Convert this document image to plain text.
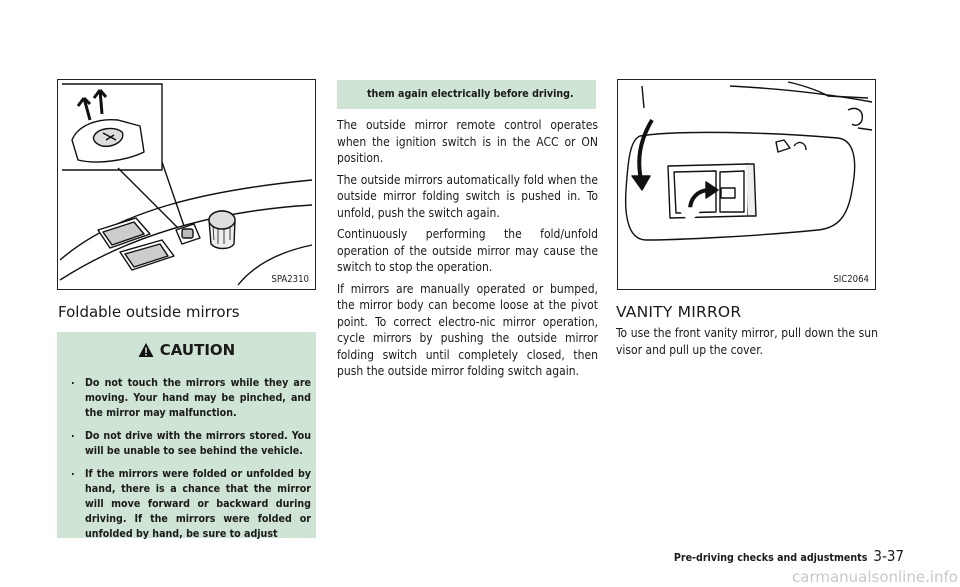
SPA2310
Foldable outside mirrors
CAUTION
. Do not touch the mirrors while they are moving. Your hand may be pinched, and the mirror may malfunction.
. Do not drive with the mirrors stored. You will be unable to see behind the vehicle.
. If the mirrors were folded or unfolded by hand, there is a chance that the mirror will move forward or backward during driving. If the mirrors were folded or unfolded by hand, be sure to adjust
them again electrically before driving.

The outside mirror remote control operates when the ignition switch is in the ACC or ON position.

The outside mirrors automatically fold when the outside mirror folding switch is pushed in. To unfold, push the switch again.

Continuously performing the fold/unfold operation of the outside mirror may cause the switch to stop the operation.

If mirrors are manually operated or bumped, the mirror body can become loose at the pivot point. To correct electro-nic mirror operation, cycle mirrors by pushing the outside mirror folding switch until completely closed, then push the outside mirror folding switch again.

SIC2064
VANITY MIRROR

To use the front vanity mirror, pull down the sun visor and pull up the cover.

Pre-driving checks and adjustments 3-37
carmanualsonline.info
